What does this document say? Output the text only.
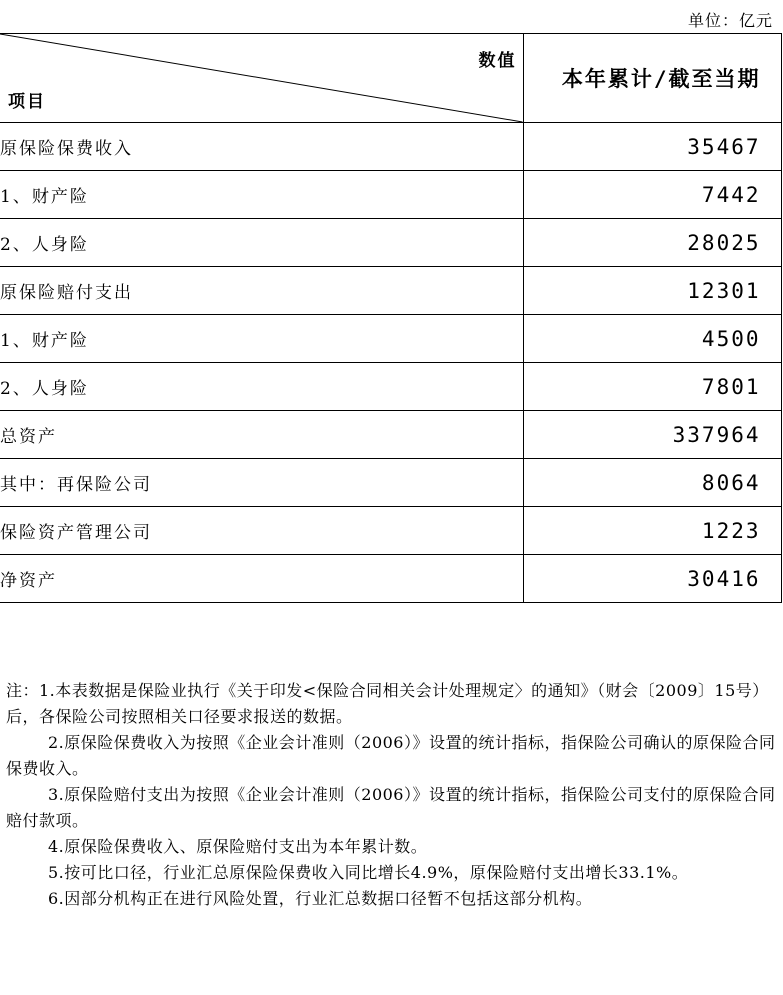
单位：亿元
数值
项目	本年累计/截至当期
原保险保费收入	35467
1、财产险	7442
2、人身险	28025
原保险赔付支出	12301
1、财产险	4500
2、人身险	7801
总资产	337964
其中：再保险公司	8064
保险资产管理公司	1223
净资产	30416

注：1.本表数据是保险业执行《关于印发<保险合同相关会计处理规定〉的通知》（财会〔2009〕15号）后，各保险公司按照相关口径要求报送的数据。

2.原保险保费收入为按照《企业会计准则（2006）》设置的统计指标，指保险公司确认的原保险合同保费收入。

3.原保险赔付支出为按照《企业会计准则（2006）》设置的统计指标，指保险公司支付的原保险合同赔付款项。

4.原保险保费收入、原保险赔付支出为本年累计数。

5.按可比口径，行业汇总原保险保费收入同比增长4.9%，原保险赔付支出增长33.1%。

6.因部分机构正在进行风险处置，行业汇总数据口径暂不包括这部分机构。
